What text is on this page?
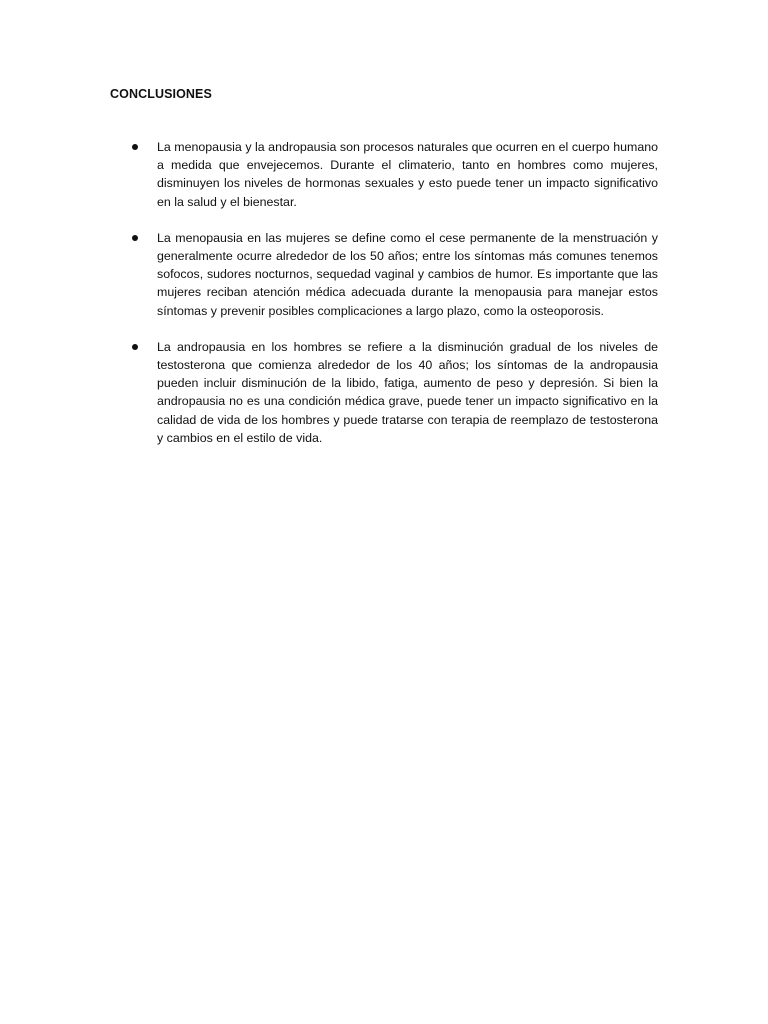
CONCLUSIONES
La menopausia y la andropausia son procesos naturales que ocurren en el cuerpo humano a medida que envejecemos. Durante el climaterio, tanto en hombres como mujeres, disminuyen los niveles de hormonas sexuales y esto puede tener un impacto significativo en la salud y el bienestar.
La menopausia en las mujeres se define como el cese permanente de la menstruación y generalmente ocurre alrededor de los 50 años; entre los síntomas más comunes tenemos sofocos, sudores nocturnos, sequedad vaginal y cambios de humor. Es importante que las mujeres reciban atención médica adecuada durante la menopausia para manejar estos síntomas y prevenir posibles complicaciones a largo plazo, como la osteoporosis.
La andropausia en los hombres se refiere a la disminución gradual de los niveles de testosterona que comienza alrededor de los 40 años; los síntomas de la andropausia pueden incluir disminución de la libido, fatiga, aumento de peso y depresión. Si bien la andropausia no es una condición médica grave, puede tener un impacto significativo en la calidad de vida de los hombres y puede tratarse con terapia de reemplazo de testosterona y cambios en el estilo de vida.
